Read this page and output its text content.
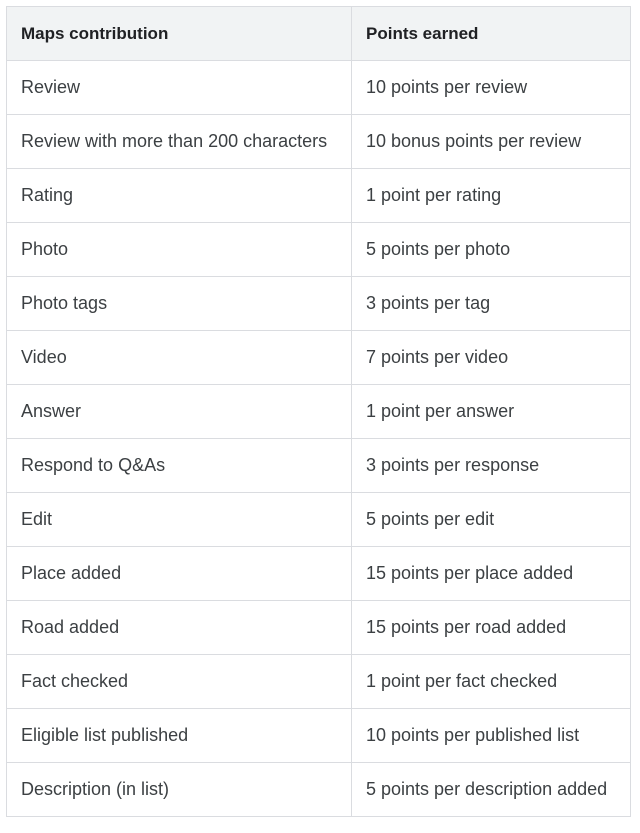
Maps contribution	Points earned
Review	10 points per review
Review with more than 200 characters	10 bonus points per review
Rating	1 point per rating
Photo	5 points per photo
Photo tags	3 points per tag
Video	7 points per video
Answer	1 point per answer
Respond to Q&As	3 points per response
Edit	5 points per edit
Place added	15 points per place added
Road added	15 points per road added
Fact checked	1 point per fact checked
Eligible list published	10 points per published list
Description (in list)	5 points per description added
